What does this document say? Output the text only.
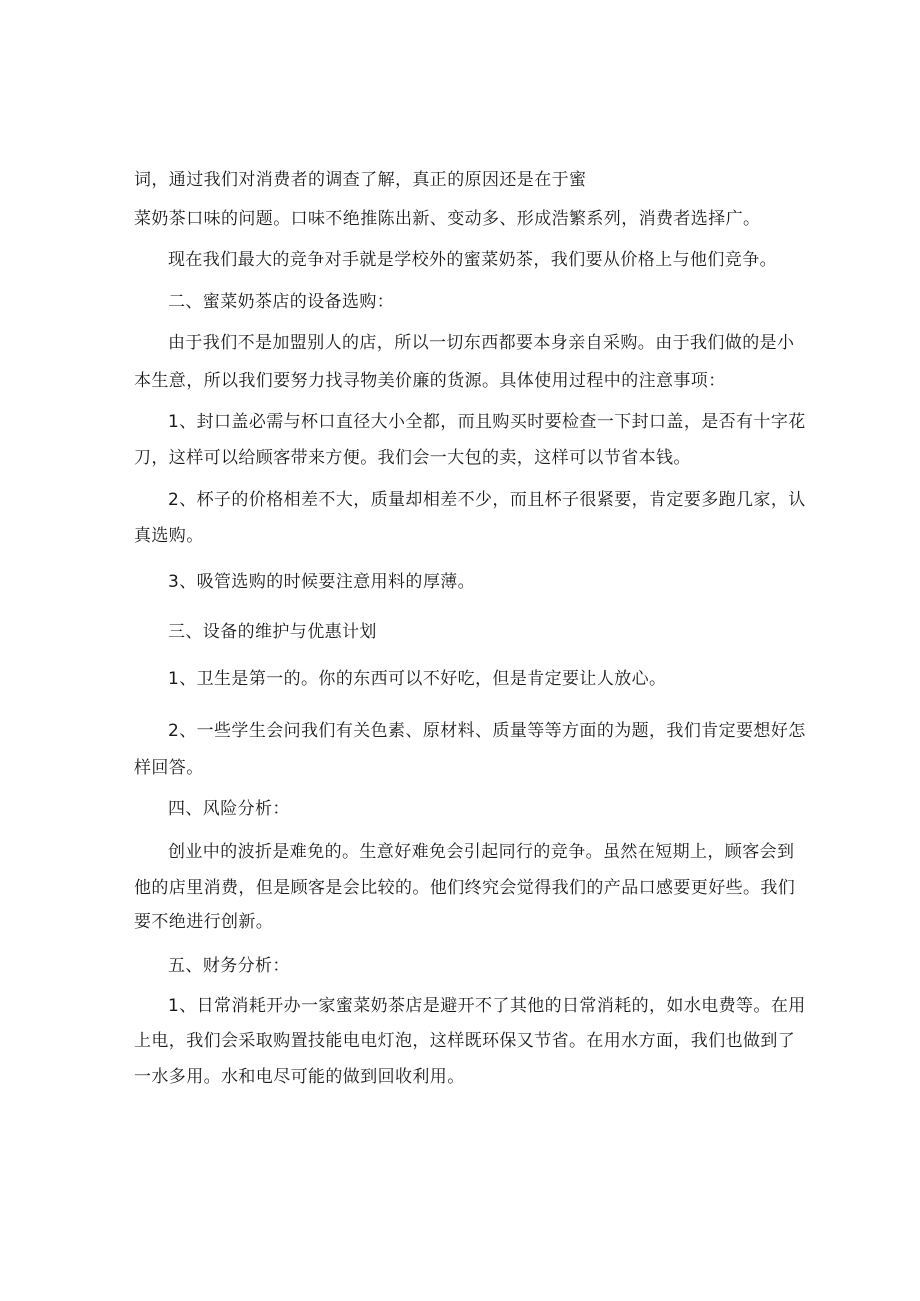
词，通过我们对消费者的调查了解，真正的原因还是在于蜜
菜奶茶口味的问题。口味不绝推陈出新、变动多、形成浩繁系列，消费者选择广。
现在我们最大的竞争对手就是学校外的蜜菜奶茶，我们要从价格上与他们竞争。
二、蜜菜奶茶店的设备选购：
由于我们不是加盟别人的店，所以一切东西都要本身亲自采购。由于我们做的是小
本生意，所以我们要努力找寻物美价廉的货源。具体使用过程中的注意事项：
1、封口盖必需与杯口直径大小全都，而且购买时要检查一下封口盖，是否有十字花
刀，这样可以给顾客带来方便。我们会一大包的卖，这样可以节省本钱。
2、杯子的价格相差不大，质量却相差不少，而且杯子很紧要，肯定要多跑几家，认
真选购。
3、吸管选购的时候要注意用料的厚薄。
三、设备的维护与优惠计划
1、卫生是第一的。你的东西可以不好吃，但是肯定要让人放心。
2、一些学生会问我们有关色素、原材料、质量等等方面的为题，我们肯定要想好怎
样回答。
四、风险分析：
创业中的波折是难免的。生意好难免会引起同行的竞争。虽然在短期上，顾客会到
他的店里消费，但是顾客是会比较的。他们终究会觉得我们的产品口感要更好些。我们
要不绝进行创新。
五、财务分析：
1、日常消耗开办一家蜜菜奶茶店是避开不了其他的日常消耗的，如水电费等。在用
上电，我们会采取购置技能电电灯泡，这样既环保又节省。在用水方面，我们也做到了
一水多用。水和电尽可能的做到回收利用。
